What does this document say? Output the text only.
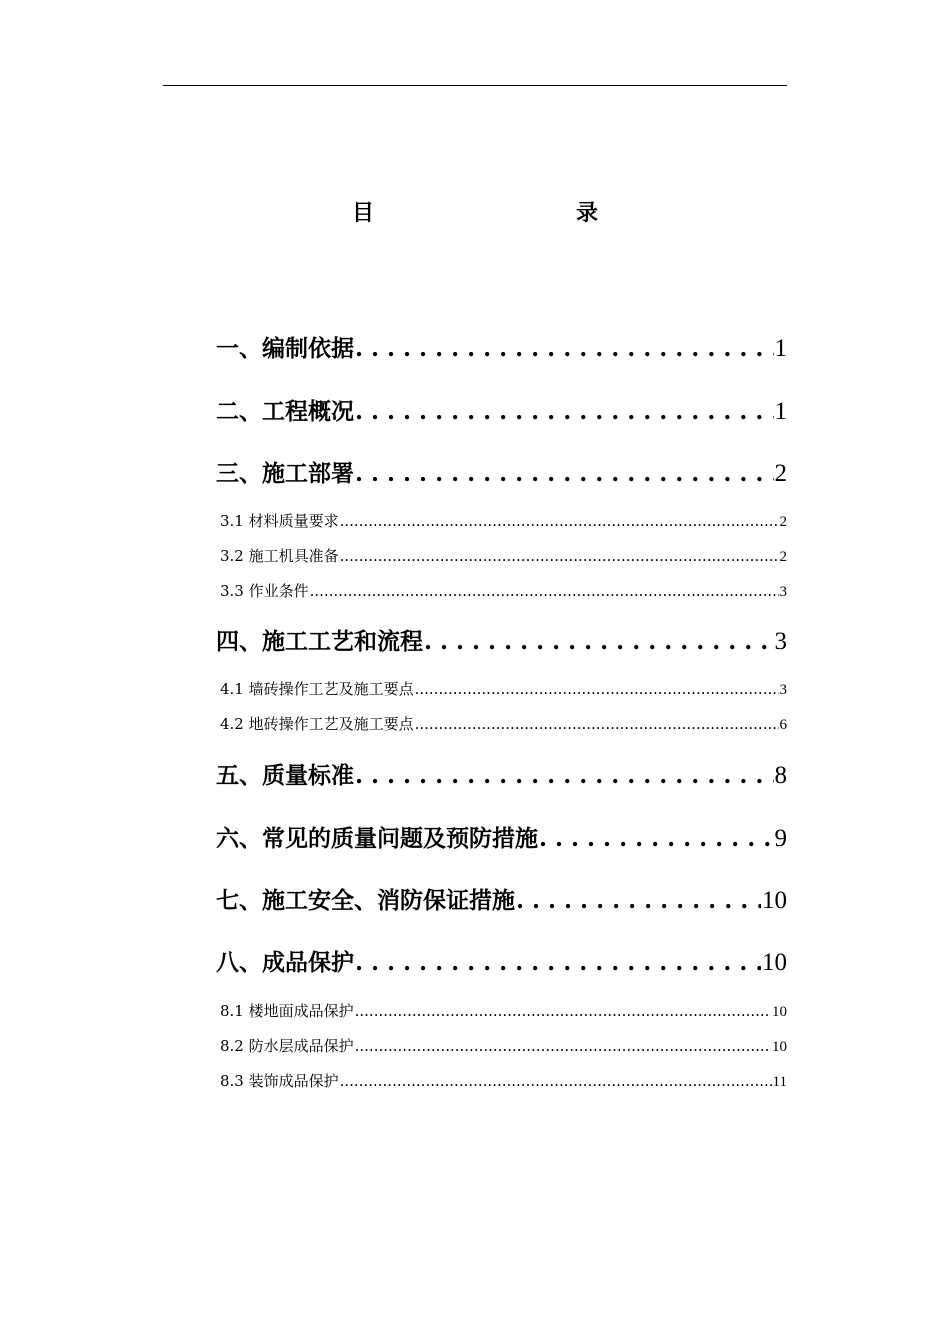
目　录
一、编制依据 . . .	1
二、工程概况 . . .	1
三、施工部署 . . .	2
3.1 材料质量要求 .....	2
3.2 施工机具准备 .....	2
3.3 作业条件 .....	3
四、施工工艺和流程 . . .	3
4.1 墙砖操作工艺及施工要点 .....	3
4.2 地砖操作工艺及施工要点 .....	6
五、质量标准 . . .	8
六、常见的质量问题及预防措施 . . .	9
七、施工安全、消防保证措施 . . .	10
八、成品保护 . . .	10
8.1 楼地面成品保护 .....	10
8.2 防水层成品保护 .....	10
8.3 装饰成品保护 .....	11
